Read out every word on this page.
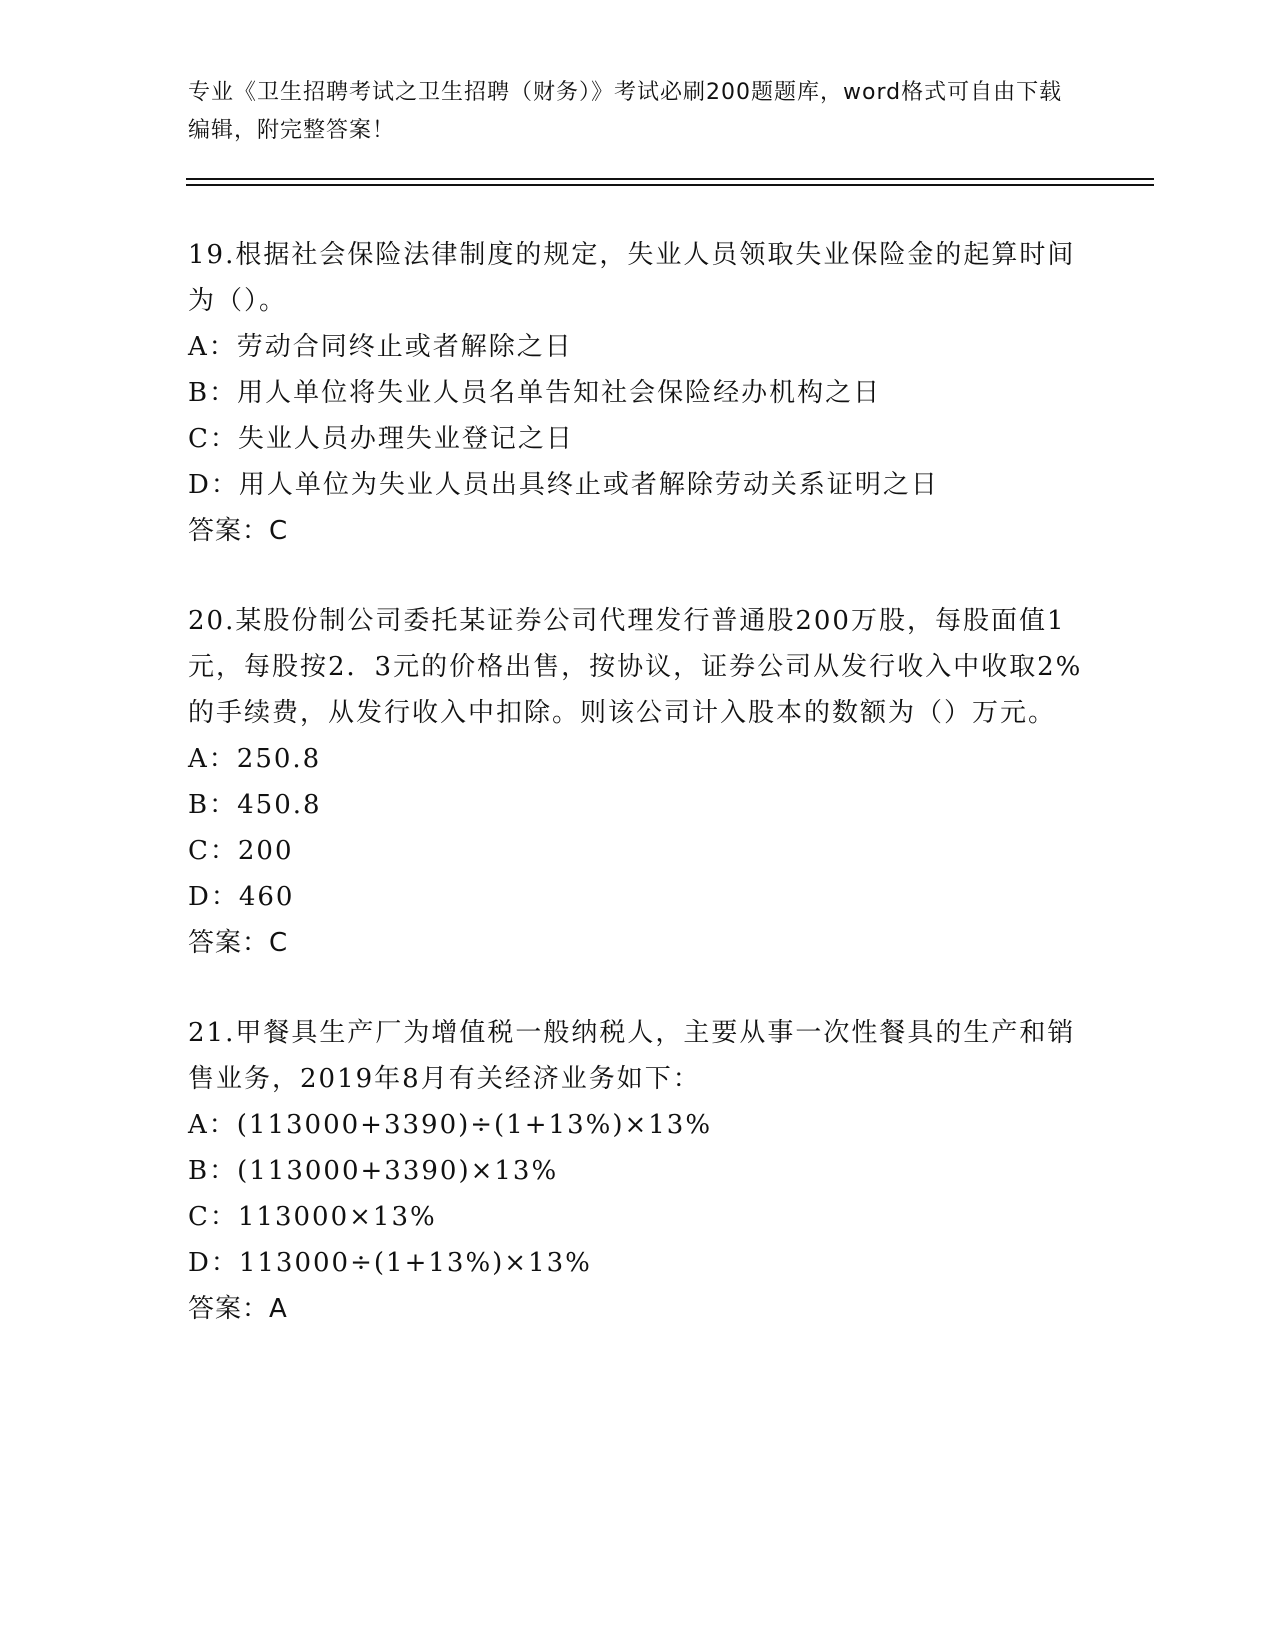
专业《卫生招聘考试之卫生招聘（财务）》考试必刷200题题库，word格式可自由下载编辑，附完整答案！
19.根据社会保险法律制度的规定，失业人员领取失业保险金的起算时间为（）。
A：劳动合同终止或者解除之日
B：用人单位将失业人员名单告知社会保险经办机构之日
C：失业人员办理失业登记之日
D：用人单位为失业人员出具终止或者解除劳动关系证明之日
答案：C
20.某股份制公司委托某证券公司代理发行普通股200万股，每股面值1元，每股按2．3元的价格出售，按协议，证券公司从发行收入中收取2%的手续费，从发行收入中扣除。则该公司计入股本的数额为（）万元。
A：250.8
B：450.8
C：200
D：460
答案：C
21.甲餐具生产厂为增值税一般纳税人，主要从事一次性餐具的生产和销售业务，2019年8月有关经济业务如下：
A：(113000+3390)÷(1+13%)×13%
B：(113000+3390)×13%
C：113000×13%
D：113000÷(1+13%)×13%
答案：A
